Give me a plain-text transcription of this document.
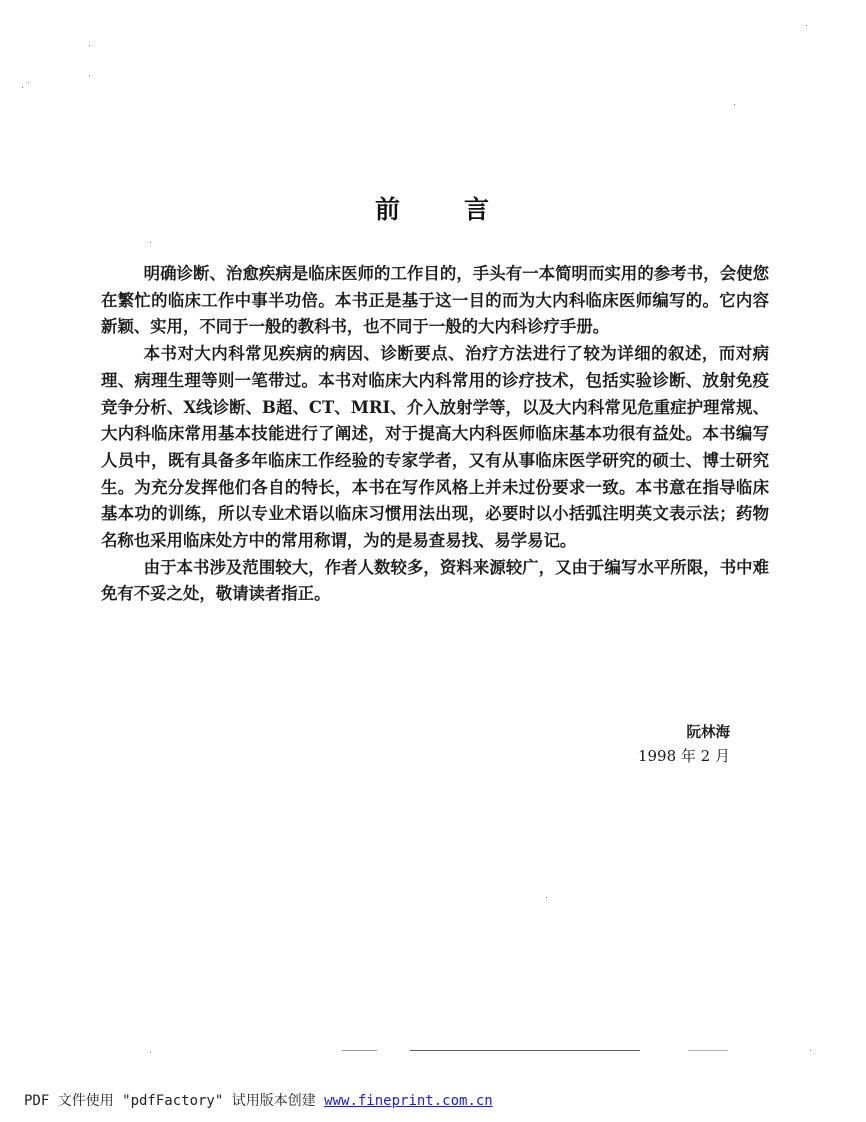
前 言

明确诊断、治愈疾病是临床医师的工作目的，手头有一本简明而实用的参考书，会使您在繁忙的临床工作中事半功倍。本书正是基于这一目的而为大内科临床医师编写的。它内容新颖、实用，不同于一般的教科书，也不同于一般的大内科诊疗手册。

本书对大内科常见疾病的病因、诊断要点、治疗方法进行了较为详细的叙述，而对病理、病理生理等则一笔带过。本书对临床大内科常用的诊疗技术，包括实验诊断、放射免疫竞争分析、X线诊断、B超、CT、MRI、介入放射学等，以及大内科常见危重症护理常规、大内科临床常用基本技能进行了阐述，对于提高大内科医师临床基本功很有益处。本书编写人员中，既有具备多年临床工作经验的专家学者，又有从事临床医学研究的硕士、博士研究生。为充分发挥他们各自的特长，本书在写作风格上并未过份要求一致。本书意在指导临床基本功的训练，所以专业术语以临床习惯用法出现，必要时以小括弧注明英文表示法；药物名称也采用临床处方中的常用称谓，为的是易查易找、易学易记。

由于本书涉及范围较大，作者人数较多，资料来源较广，又由于编写水平所限，书中难免有不妥之处，敬请读者指正。

阮林海
1998 年 2 月
PDF 文件使用 "pdfFactory" 试用版本创建 www.fineprint.com.cn
